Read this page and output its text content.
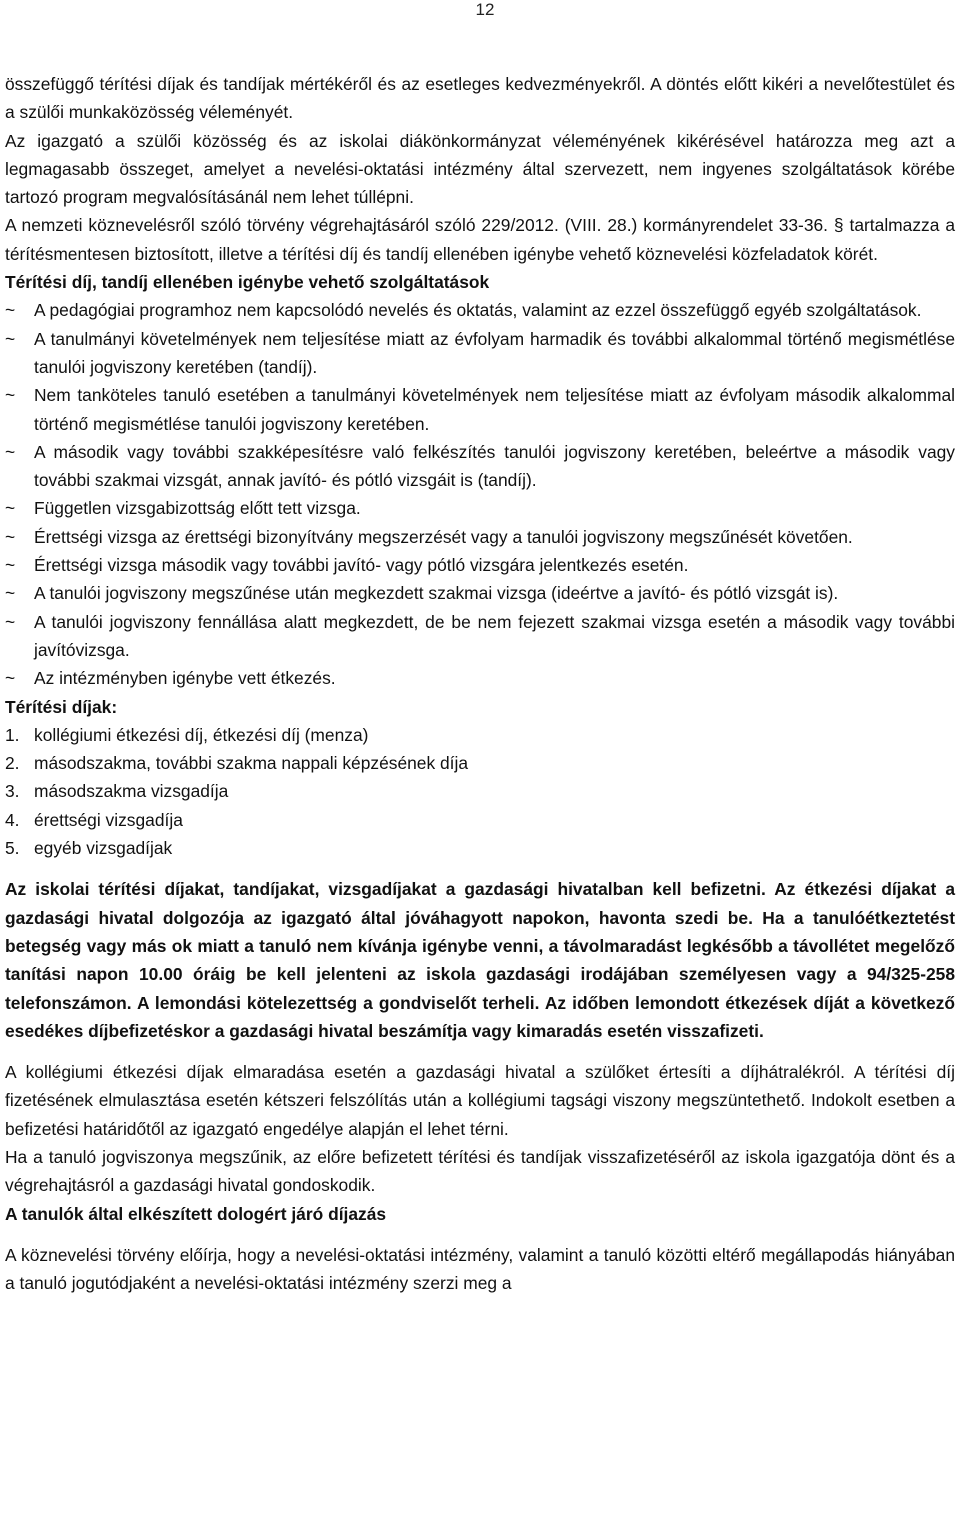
12

összefüggő térítési díjak és tandíjak mértékéről és az esetleges kedvezményekről. A döntés előtt kikéri a nevelőtestület és a szülői munkaközösség véleményét.

Az igazgató a szülői közösség és az iskolai diákönkormányzat véleményének kikérésével határozza meg azt a legmagasabb összeget, amelyet a nevelési-oktatási intézmény által szervezett, nem ingyenes szolgáltatások körébe tartozó program megvalósításánál nem lehet túllépni.

A nemzeti köznevelésről szóló törvény végrehajtásáról szóló 229/2012. (VIII. 28.) kormányrendelet 33-36. § tartalmazza a térítésmentesen biztosított, illetve a térítési díj és tandíj ellenében igénybe vehető köznevelési közfeladatok körét.

Térítési díj, tandíj ellenében igénybe vehető szolgáltatások

~ A pedagógiai programhoz nem kapcsolódó nevelés és oktatás, valamint az ezzel összefüggő egyéb szolgáltatások.
~ A tanulmányi követelmények nem teljesítése miatt az évfolyam harmadik és további alkalommal történő megismétlése tanulói jogviszony keretében (tandíj).
~ Nem tanköteles tanuló esetében a tanulmányi követelmények nem teljesítése miatt az évfolyam második alkalommal történő megismétlése tanulói jogviszony keretében.
~ A második vagy további szakképesítésre való felkészítés tanulói jogviszony keretében, beleértve a második vagy további szakmai vizsgát, annak javító- és pótló vizsgáit is (tandíj).
~ Független vizsgabizottság előtt tett vizsga.
~ Érettségi vizsga az érettségi bizonyítvány megszerzését vagy a tanulói jogviszony megszűnését követően.
~ Érettségi vizsga második vagy további javító- vagy pótló vizsgára jelentkezés esetén.
~ A tanulói jogviszony megszűnése után megkezdett szakmai vizsga (ideértve a javító- és pótló vizsgát is).
~ A tanulói jogviszony fennállása alatt megkezdett, de be nem fejezett szakmai vizsga esetén a második vagy további javítóvizsga.
~ Az intézményben igénybe vett étkezés.

Térítési díjak:

1. kollégiumi étkezési díj, étkezési díj (menza)
2. másodszakma, további szakma nappali képzésének díja
3. másodszakma vizsgadíja
4. érettségi vizsgadíja
5. egyéb vizsgadíjak

Az iskolai térítési díjakat, tandíjakat, vizsgadíjakat a gazdasági hivatalban kell befizetni. Az étkezési díjakat a gazdasági hivatal dolgozója az igazgató által jóváhagyott napokon, havonta szedi be. Ha a tanulóétkeztetést betegség vagy más ok miatt a tanuló nem kívánja igénybe venni, a távolmaradást legkésőbb a távollétet megelőző tanítási napon 10.00 óráig be kell jelenteni az iskola gazdasági irodájában személyesen vagy a 94/325-258 telefonszámon. A lemondási kötelezettség a gondviselőt terheli. Az időben lemondott étkezések díját a következő esedékes díjbefizetéskor a gazdasági hivatal beszámítja vagy kimaradás esetén visszafizeti.

A kollégiumi étkezési díjak elmaradása esetén a gazdasági hivatal a szülőket értesíti a díjhátralékról. A térítési díj fizetésének elmulasztása esetén kétszeri felszólítás után a kollégiumi tagsági viszony megszüntethető. Indokolt esetben a befizetési határidőtől az igazgató engedélye alapján el lehet térni.

Ha a tanuló jogviszonya megszűnik, az előre befizetett térítési és tandíjak visszafizetéséről az iskola igazgatója dönt és a végrehajtásról a gazdasági hivatal gondoskodik.

A tanulók által elkészített dologért járó díjazás

A köznevelési törvény előírja, hogy a nevelési-oktatási intézmény, valamint a tanuló közötti eltérő megállapodás hiányában a tanuló jogutódjaként a nevelési-oktatási intézmény szerzi meg a
